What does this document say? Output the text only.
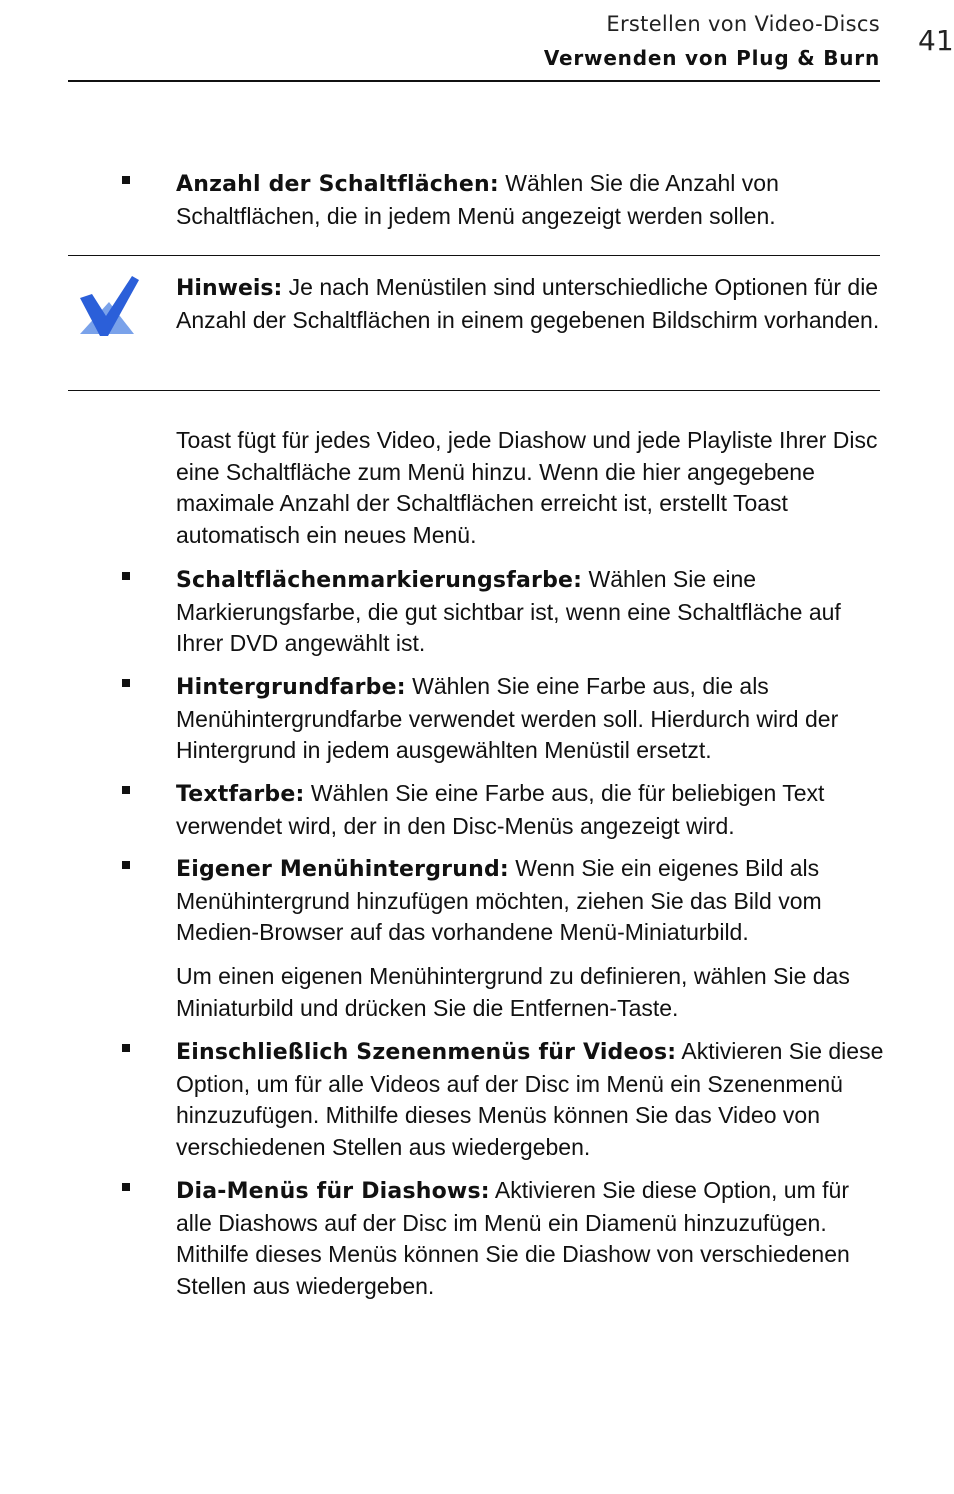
Erstellen von Video-Discs
Verwenden von Plug & Burn
41

Anzahl der Schaltflächen: Wählen Sie die Anzahl von Schaltflächen, die in jedem Menü angezeigt werden sollen.

Hinweis: Je nach Menüstilen sind unterschiedliche Optionen für die Anzahl der Schaltflächen in einem gegebenen Bildschirm vorhanden.

Toast fügt für jedes Video, jede Diashow und jede Playliste Ihrer Disc eine Schaltfläche zum Menü hinzu. Wenn die hier angegebene maximale Anzahl der Schaltflächen erreicht ist, erstellt Toast automatisch ein neues Menü.

Schaltflächenmarkierungsfarbe: Wählen Sie eine Markierungsfarbe, die gut sichtbar ist, wenn eine Schaltfläche auf Ihrer DVD angewählt ist.

Hintergrundfarbe: Wählen Sie eine Farbe aus, die als Menühintergrundfarbe verwendet werden soll. Hierdurch wird der Hintergrund in jedem ausgewählten Menüstil ersetzt.

Textfarbe: Wählen Sie eine Farbe aus, die für beliebigen Text verwendet wird, der in den Disc-Menüs angezeigt wird.

Eigener Menühintergrund: Wenn Sie ein eigenes Bild als Menühintergrund hinzufügen möchten, ziehen Sie das Bild vom Medien-Browser auf das vorhandene Menü-Miniaturbild.

Um einen eigenen Menühintergrund zu definieren, wählen Sie das Miniaturbild und drücken Sie die Entfernen-Taste.

Einschließlich Szenenmenüs für Videos: Aktivieren Sie diese Option, um für alle Videos auf der Disc im Menü ein Szenenmenü hinzuzufügen. Mithilfe dieses Menüs können Sie das Video von verschiedenen Stellen aus wiedergeben.

Dia-Menüs für Diashows: Aktivieren Sie diese Option, um für alle Diashows auf der Disc im Menü ein Diamenü hinzuzufügen. Mithilfe dieses Menüs können Sie die Diashow von verschiedenen Stellen aus wiedergeben.
